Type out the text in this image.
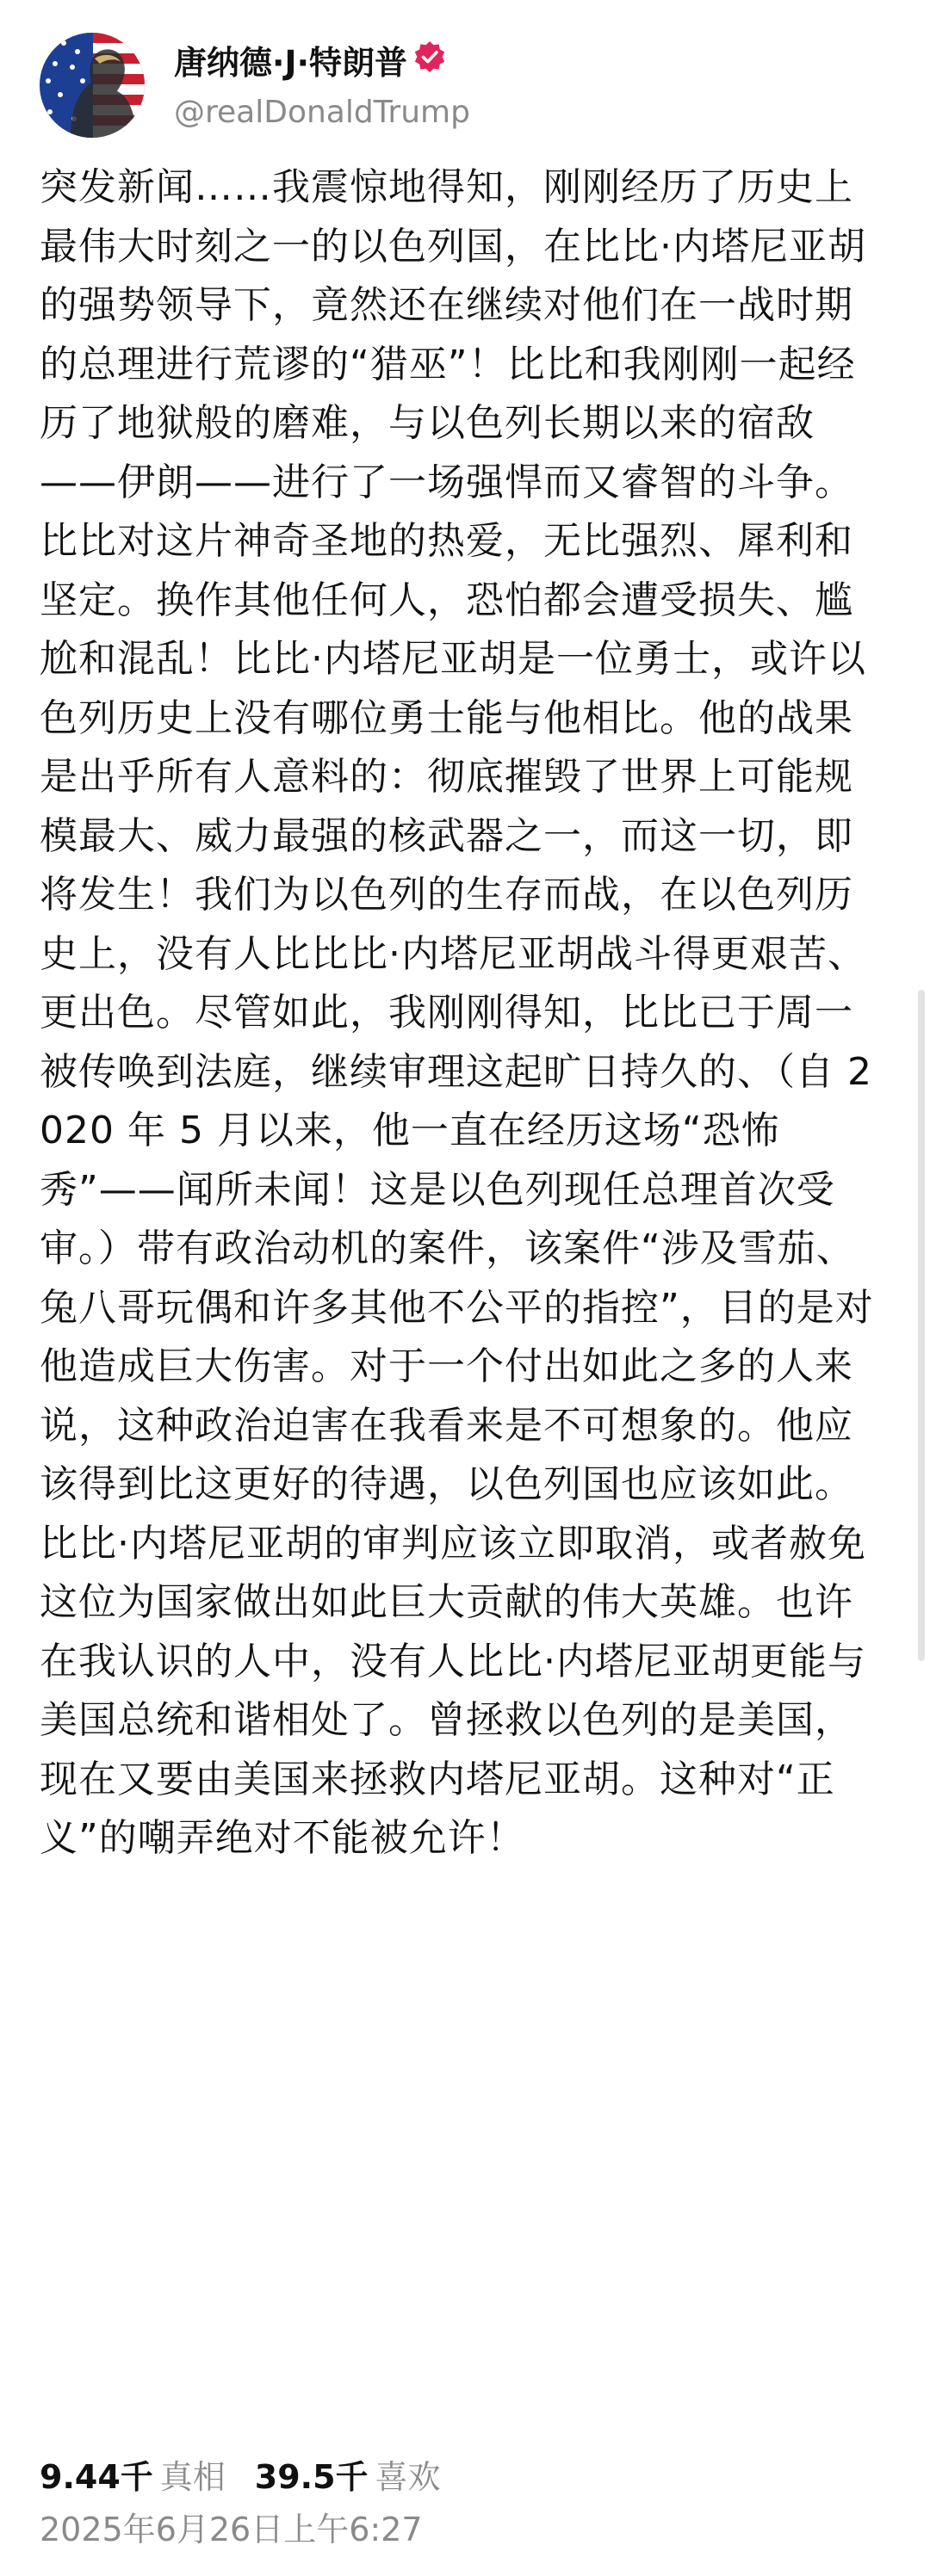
唐纳德·J·特朗普
@realDonaldTrump

突发新闻……我震惊地得知，刚刚经历了历史上最伟大时刻之一的以色列国，在比比·内塔尼亚胡的强势领导下，竟然还在继续对他们在一战时期的总理进行荒谬的“猎巫”！比比和我刚刚一起经历了地狱般的磨难，与以色列长期以来的宿敌——伊朗——进行了一场强悍而又睿智的斗争。比比对这片神奇圣地的热爱，无比强烈、犀利和坚定。换作其他任何人，恐怕都会遭受损失、尴尬和混乱！比比·内塔尼亚胡是一位勇士，或许以色列历史上没有哪位勇士能与他相比。他的战果是出乎所有人意料的：彻底摧毁了世界上可能规模最大、威力最强的核武器之一，而这一切，即将发生！我们为以色列的生存而战，在以色列历史上，没有人比比比·内塔尼亚胡战斗得更艰苦、更出色。尽管如此，我刚刚得知，比比已于周一被传唤到法庭，继续审理这起旷日持久的、（自 2020 年 5 月以来，他一直在经历这场“恐怖秀”——闻所未闻！这是以色列现任总理首次受审。）带有政治动机的案件，该案件“涉及雪茄、兔八哥玩偶和许多其他不公平的指控”，目的是对他造成巨大伤害。对于一个付出如此之多的人来说，这种政治迫害在我看来是不可想象的。他应该得到比这更好的待遇，以色列国也应该如此。比比·内塔尼亚胡的审判应该立即取消，或者赦免这位为国家做出如此巨大贡献的伟大英雄。也许在我认识的人中，没有人比比·内塔尼亚胡更能与美国总统和谐相处了。曾拯救以色列的是美国，现在又要由美国来拯救内塔尼亚胡。这种对“正义”的嘲弄绝对不能被允许！

9.44千 真相 39.5千 喜欢
2025年6月26日上午6:27
